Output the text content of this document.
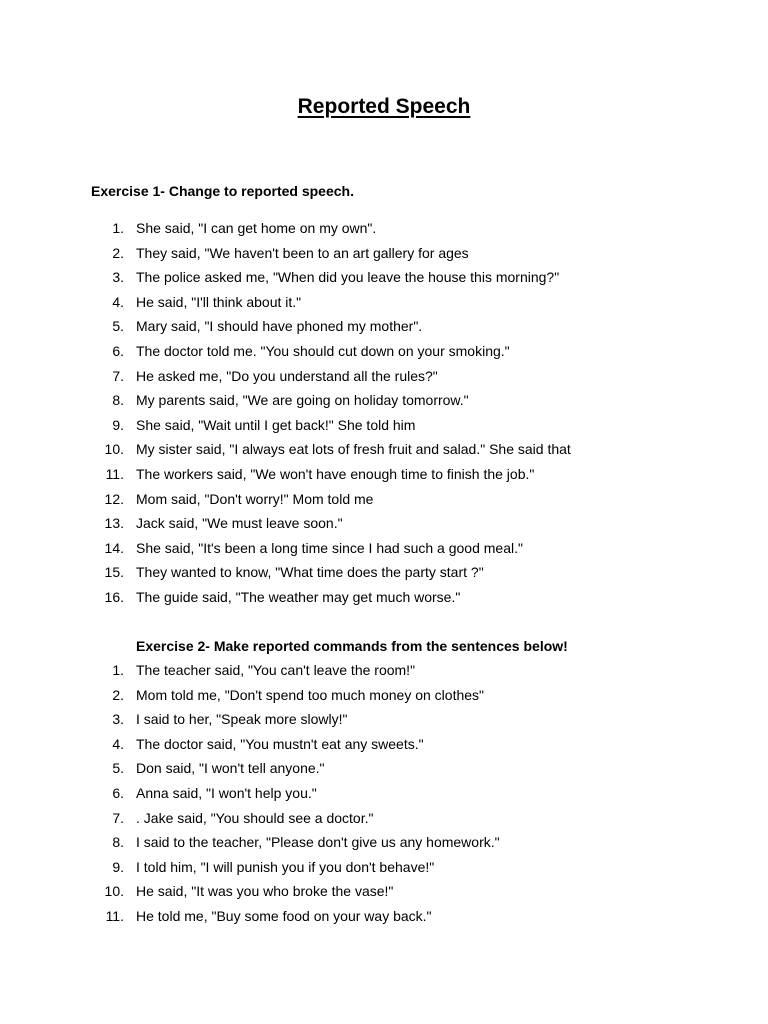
Reported Speech
Exercise 1- Change to reported speech.
1. She said, "I can get home on my own".
2. They said, "We haven't been to an art gallery for ages
3. The police asked me, "When did you leave the house this morning?"
4. He said, "I'll think about it."
5. Mary said, "I should have phoned my mother".
6. The doctor told me. "You should cut down on your smoking."
7. He asked me, "Do you understand all the rules?"
8. My parents said, "We are going on holiday tomorrow."
9. She said, "Wait until I get back!" She told him
10. My sister said, "I always eat lots of fresh fruit and salad." She said that
11. The workers said, "We won't have enough time to finish the job."
12. Mom said, "Don't worry!" Mom told me
13. Jack said, "We must leave soon."
14. She said, "It's been a long time since I had such a good meal."
15. They wanted to know, "What time does the party start ?"
16. The guide said, "The weather may get much worse."
Exercise 2- Make reported commands from the sentences below!
1. The teacher said, "You can't leave the room!"
2. Mom told me, "Don't spend too much money on clothes"
3. I said to her, "Speak more slowly!"
4. The doctor said, "You mustn't eat any sweets."
5. Don said, "I won't tell anyone."
6. Anna said, "I won't help you."
7. . Jake said, "You should see a doctor."
8. I said to the teacher, "Please don't give us any homework."
9. I told him, "I will punish you if you don't behave!"
10. He said, "It was you who broke the vase!"
11. He told me, "Buy some food on your way back."
